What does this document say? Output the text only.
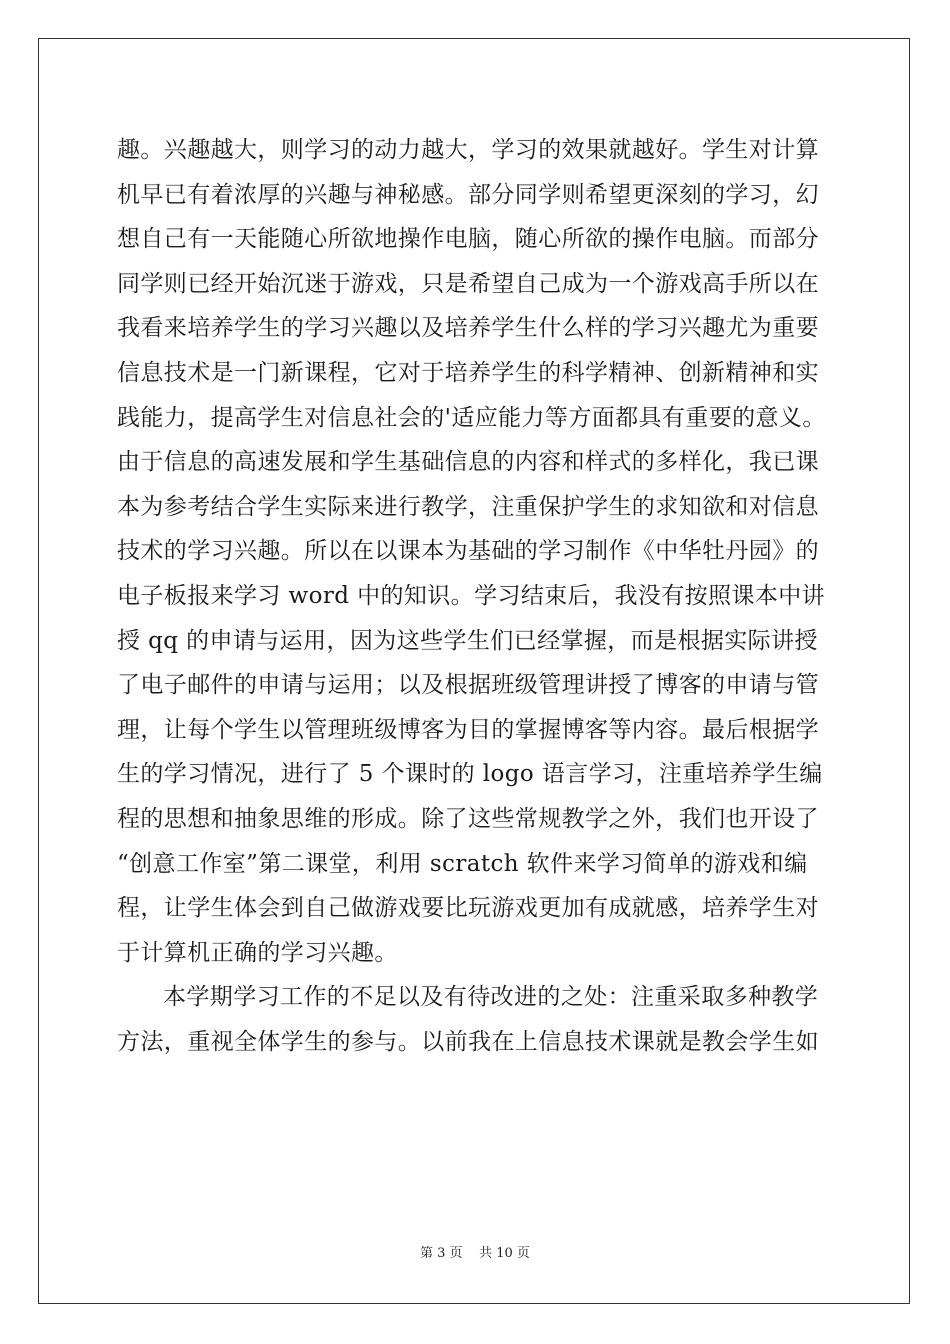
趣。兴趣越大，则学习的动力越大，学习的效果就越好。学生对计算
机早已有着浓厚的兴趣与神秘感。部分同学则希望更深刻的学习，幻
想自己有一天能随心所欲地操作电脑，随心所欲的操作电脑。而部分
同学则已经开始沉迷于游戏，只是希望自己成为一个游戏高手所以在
我看来培养学生的学习兴趣以及培养学生什么样的学习兴趣尤为重要
信息技术是一门新课程，它对于培养学生的科学精神、创新精神和实
践能力，提高学生对信息社会的'适应能力等方面都具有重要的意义。
由于信息的高速发展和学生基础信息的内容和样式的多样化，我已课
本为参考结合学生实际来进行教学，注重保护学生的求知欲和对信息
技术的学习兴趣。所以在以课本为基础的学习制作《中华牡丹园》的
电子板报来学习 word 中的知识。学习结束后，我没有按照课本中讲
授 qq 的申请与运用，因为这些学生们已经掌握，而是根据实际讲授
了电子邮件的申请与运用；以及根据班级管理讲授了博客的申请与管
理，让每个学生以管理班级博客为目的掌握博客等内容。最后根据学
生的学习情况，进行了 5 个课时的 logo 语言学习，注重培养学生编
程的思想和抽象思维的形成。除了这些常规教学之外，我们也开设了
“创意工作室”第二课堂，利用 scratch 软件来学习简单的游戏和编
程，让学生体会到自己做游戏要比玩游戏更加有成就感，培养学生对
于计算机正确的学习兴趣。
本学期学习工作的不足以及有待改进的之处：注重采取多种教学
方法，重视全体学生的参与。以前我在上信息技术课就是教会学生如
第 3 页 共 10 页
